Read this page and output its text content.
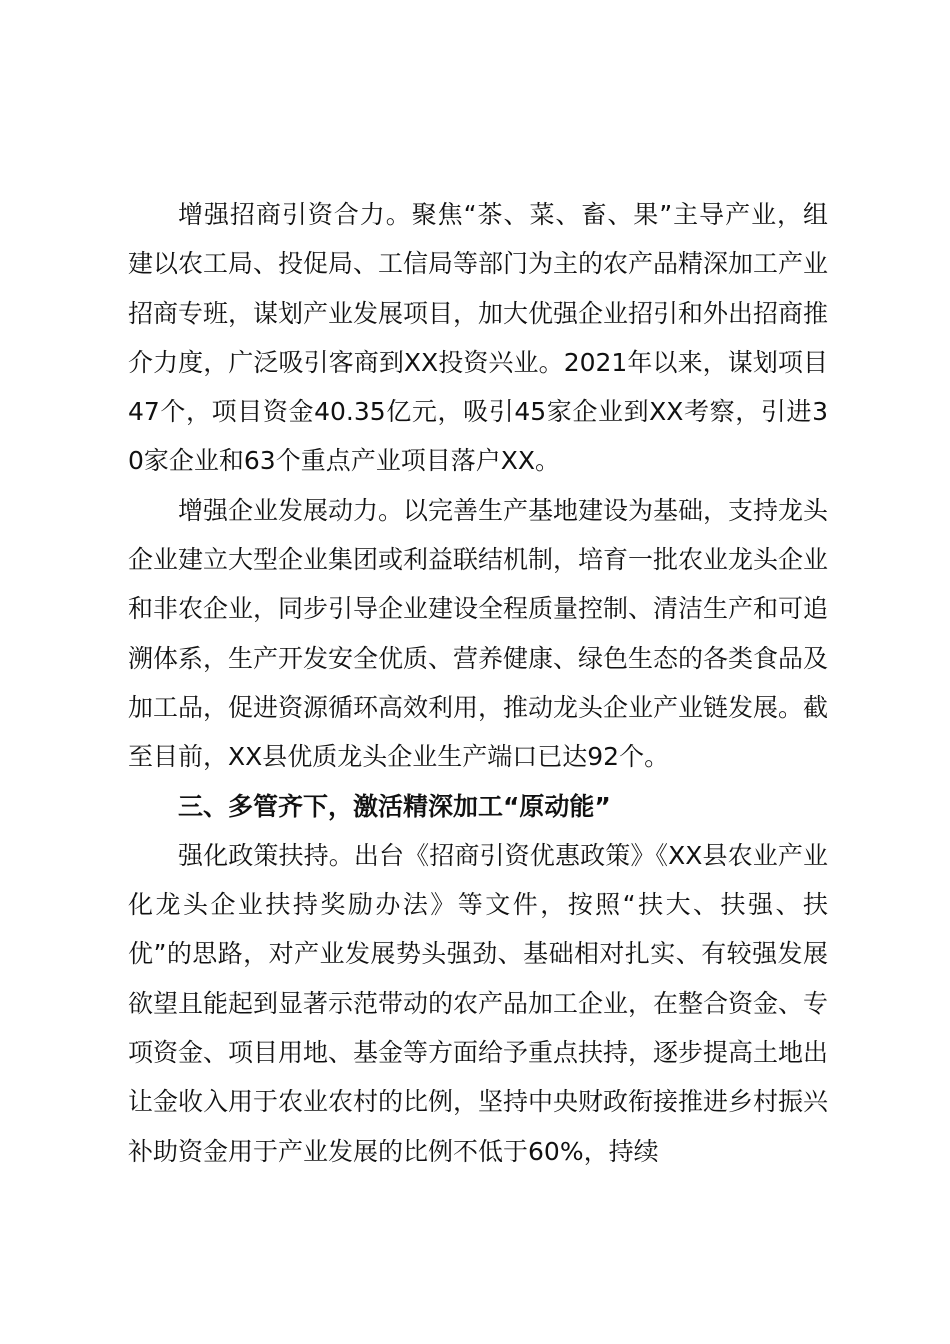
增强招商引资合力。聚焦“茶、菜、畜、果”主导产业，组建以农工局、投促局、工信局等部门为主的农产品精深加工产业招商专班，谋划产业发展项目，加大优强企业招引和外出招商推介力度，广泛吸引客商到XX投资兴业。2021年以来，谋划项目47个，项目资金40.35亿元，吸引45家企业到XX考察，引进30家企业和63个重点产业项目落户XX。

增强企业发展动力。以完善生产基地建设为基础，支持龙头企业建立大型企业集团或利益联结机制，培育一批农业龙头企业和非农企业，同步引导企业建设全程质量控制、清洁生产和可追溯体系，生产开发安全优质、营养健康、绿色生态的各类食品及加工品，促进资源循环高效利用，推动龙头企业产业链发展。截至目前，XX县优质龙头企业生产端口已达92个。

三、多管齐下，激活精深加工“原动能”

强化政策扶持。出台《招商引资优惠政策》《XX县农业产业化龙头企业扶持奖励办法》等文件，按照“扶大、扶强、扶优”的思路，对产业发展势头强劲、基础相对扎实、有较强发展欲望且能起到显著示范带动的农产品加工企业，在整合资金、专项资金、项目用地、基金等方面给予重点扶持，逐步提高土地出让金收入用于农业农村的比例，坚持中央财政衔接推进乡村振兴补助资金用于产业发展的比例不低于60%，持续
